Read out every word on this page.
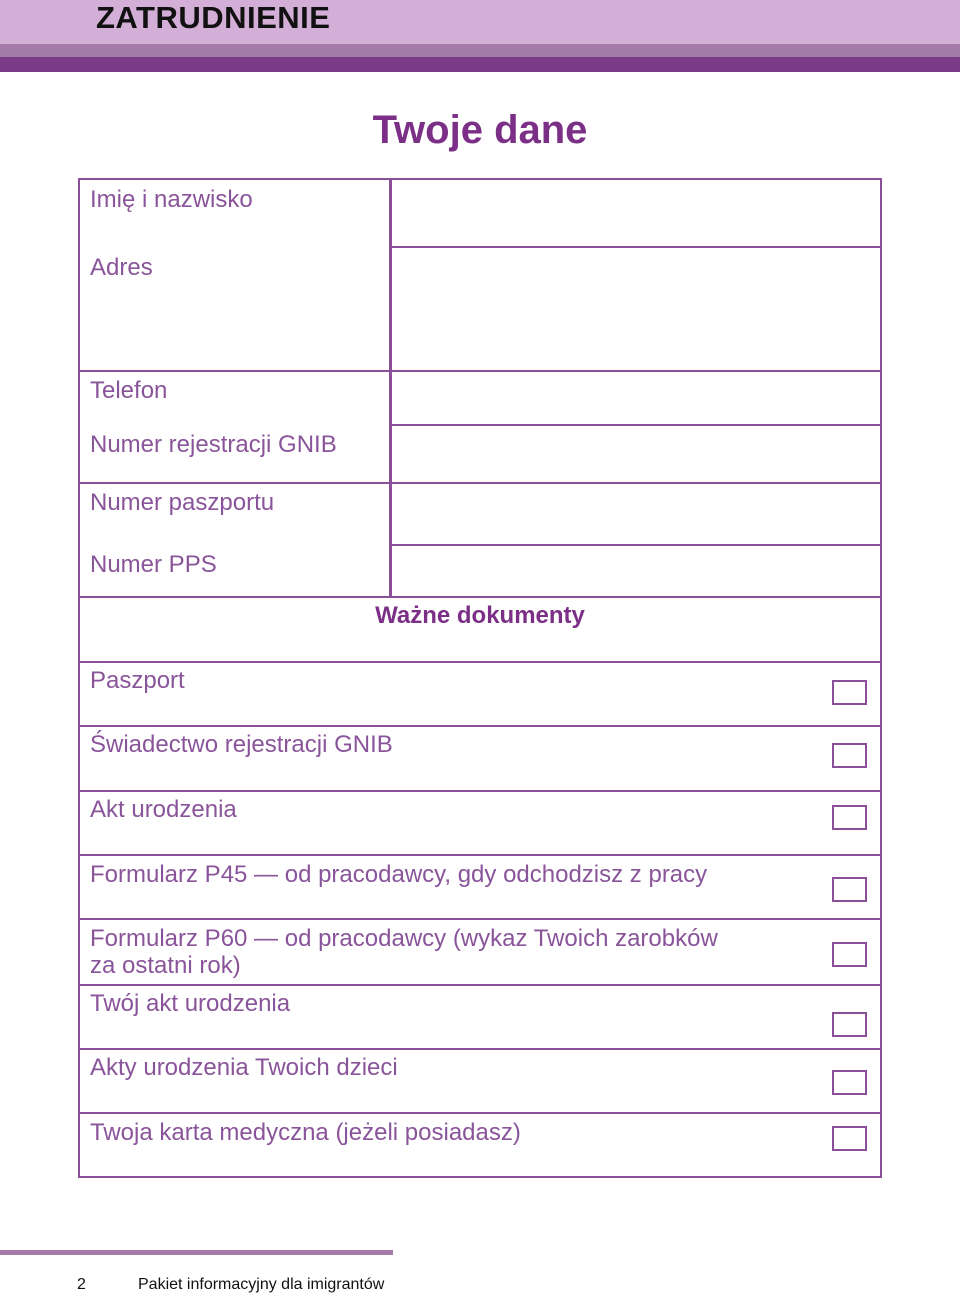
ZATRUDNIENIE
Twoje dane
Imię i nazwisko
Adres
Telefon
Numer rejestracji GNIB
Numer paszportu
Numer PPS
Ważne dokumenty
Paszport
Świadectwo rejestracji GNIB
Akt urodzenia
Formularz P45 — od pracodawcy, gdy odchodzisz z pracy
Formularz P60 — od pracodawcy (wykaz Twoich zarobków
za ostatni rok)
Twój akt urodzenia
Akty urodzenia Twoich dzieci
Twoja karta medyczna (jeżeli posiadasz)
2	Pakiet informacyjny dla imigrantów
